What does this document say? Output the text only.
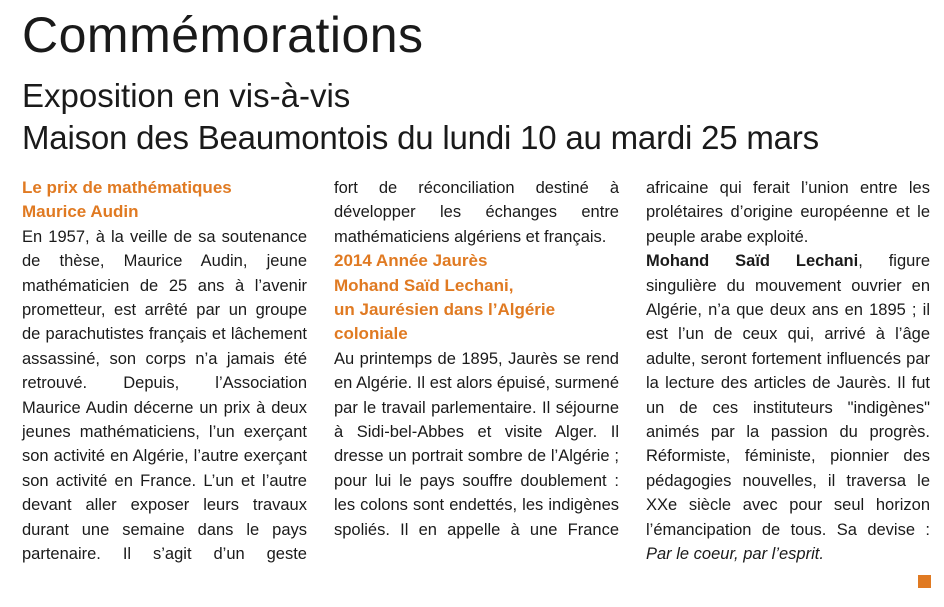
Commémorations
Exposition en vis-à-vis
Maison des Beaumontois du lundi 10 au mardi 25 mars
Le prix de mathématiques
Maurice Audin

En 1957, à la veille de sa soutenance de thèse, Maurice Audin, jeune mathématicien de 25 ans à l’avenir prometteur, est arrêté par un groupe de parachutistes français et lâchement assassiné, son corps n’a jamais été retrouvé. Depuis, l’Association Maurice Audin décerne un prix à deux jeunes mathématiciens, l’un exerçant son activité en Algérie, l’autre exerçant son activité en France. L’un et l’autre devant aller exposer leurs travaux durant une semaine dans le pays partenaire. Il s’agit d’un geste

fort de réconciliation destiné à développer les échanges entre mathématiciens algériens et français.

2014 Année Jaurès
Mohand Saïd Lechani,
un Jaurésien dans l’Algérie
coloniale

Au printemps de 1895, Jaurès se rend en Algérie. Il est alors épuisé, surmené par le travail parlementaire. Il séjourne à Sidi-bel-Abbes et visite Alger. Il dresse un portrait sombre de l’Algérie ; pour lui le pays souffre doublement : les colons sont endettés, les indigènes spoliés. Il en appelle à une France

africaine qui ferait l’union entre les prolétaires d’origine européenne et le peuple arabe exploité.

Mohand Saïd Lechani, figure singulière du mouvement ouvrier en Algérie, n’a que deux ans en 1895 ; il est l’un de ceux qui, arrivé à l’âge adulte, seront fortement influencés par la lecture des articles de Jaurès. Il fut un de ces instituteurs "indigènes" animés par la passion du progrès. Réformiste, féministe, pionnier des pédagogies nouvelles, il traversa le XXe siècle avec pour seul horizon l’émancipation de tous. Sa devise : Par le coeur, par l’esprit.
